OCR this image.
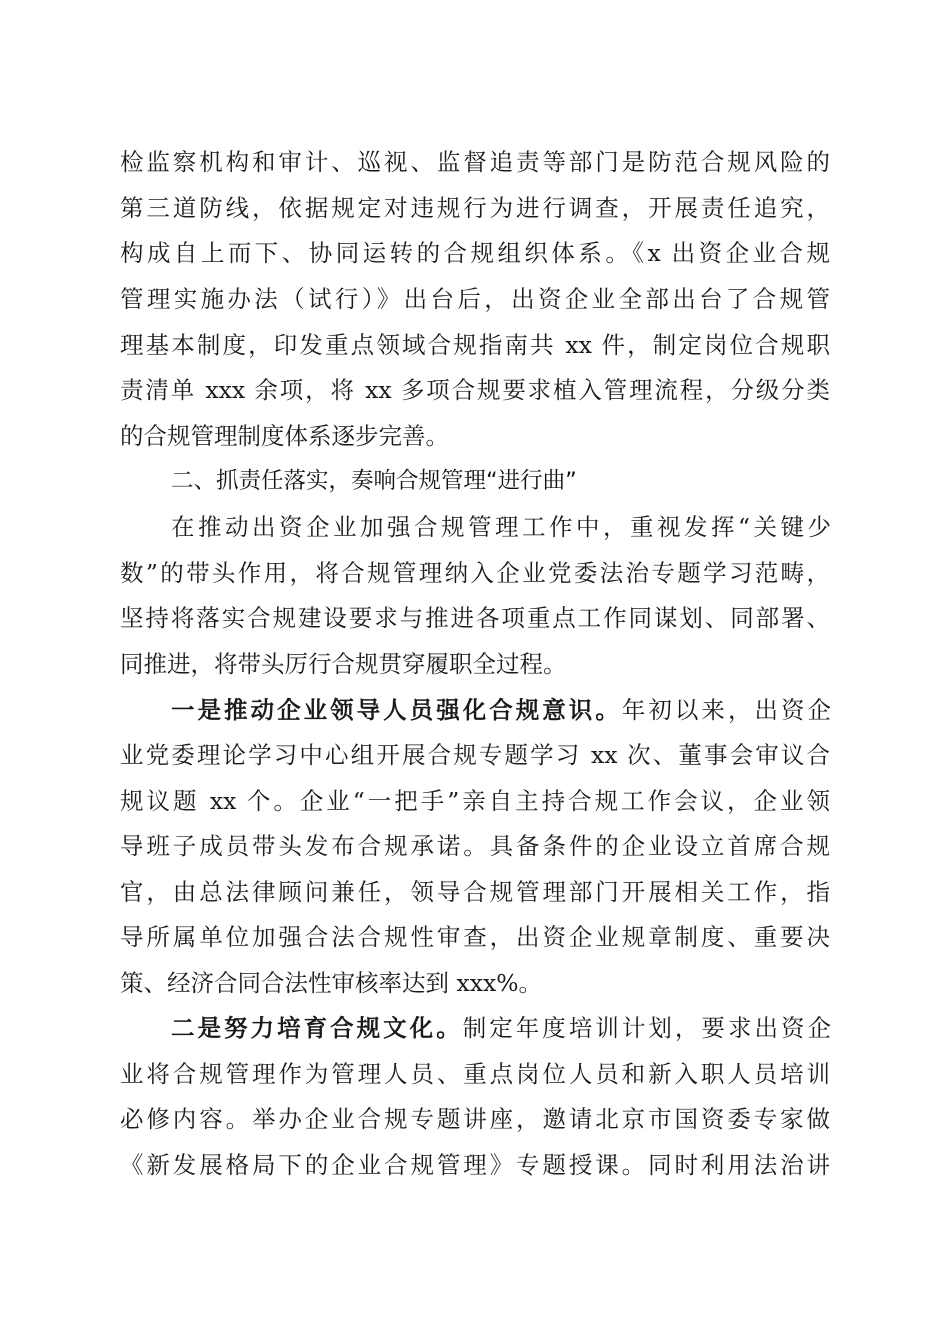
检监察机构和审计、巡视、监督追责等部门是防范合规风险的

第三道防线，依据规定对违规行为进行调查，开展责任追究，

构成自上而下、协同运转的合规组织体系。《x 出资企业合规

管理实施办法（试行）》出台后，出资企业全部出台了合规管

理基本制度，印发重点领域合规指南共 xx 件，制定岗位合规职

责清单 xxx 余项，将 xx 多项合规要求植入管理流程，分级分类

的合规管理制度体系逐步完善。

二、抓责任落实，奏响合规管理“进行曲”

在推动出资企业加强合规管理工作中，重视发挥“关键少

数”的带头作用，将合规管理纳入企业党委法治专题学习范畴，

坚持将落实合规建设要求与推进各项重点工作同谋划、同部署、

同推进，将带头厉行合规贯穿履职全过程。

一是推动企业领导人员强化合规意识。年初以来，出资企

业党委理论学习中心组开展合规专题学习 xx 次、董事会审议合

规议题 xx 个。企业“一把手”亲自主持合规工作会议，企业领

导班子成员带头发布合规承诺。具备条件的企业设立首席合规

官，由总法律顾问兼任，领导合规管理部门开展相关工作，指

导所属单位加强合法合规性审查，出资企业规章制度、重要决

策、经济合同合法性审核率达到 xxx%。

二是努力培育合规文化。制定年度培训计划，要求出资企

业将合规管理作为管理人员、重点岗位人员和新入职人员培训

必修内容。举办企业合规专题讲座，邀请北京市国资委专家做

《新发展格局下的企业合规管理》专题授课。同时利用法治讲
